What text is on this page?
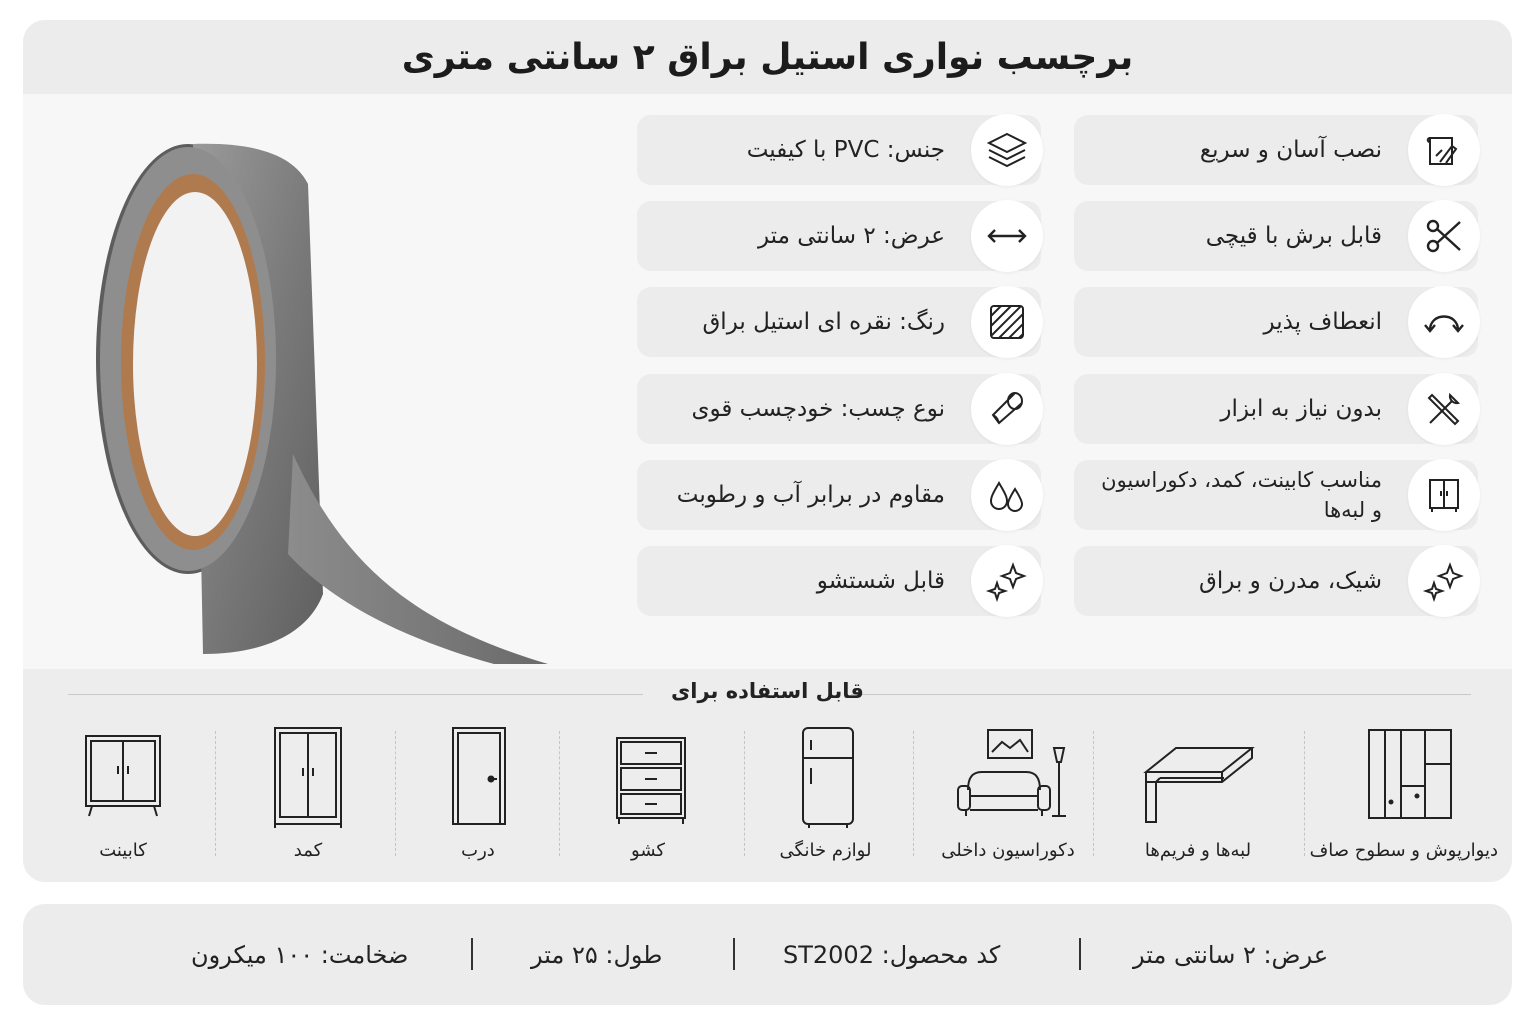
برچسب نواری استیل براق ۲ سانتی متری
نصب آسان و سریع
قابل برش با قیچی
انعطاف پذیر
بدون نیاز به ابزار
مناسب کابینت، کمد، دکوراسیون و لبه‌ها
شیک، مدرن و براق
جنس: PVC با کیفیت
عرض: ۲ سانتی متر
رنگ: نقره ای استیل براق
نوع چسب: خودچسب قوی
مقاوم در برابر آب و رطوبت
قابل شستشو
قابل استفاده برای
کابینت	کمد	درب	کشو	لوازم خانگی	دکوراسیون داخلی	لبه‌ها و فریم‌ها	دیوارپوش و سطوح صاف
عرض: ۲ سانتی متر
کد محصول: ST2002
طول: ۲۵ متر
ضخامت: ۱۰۰ میکرون
